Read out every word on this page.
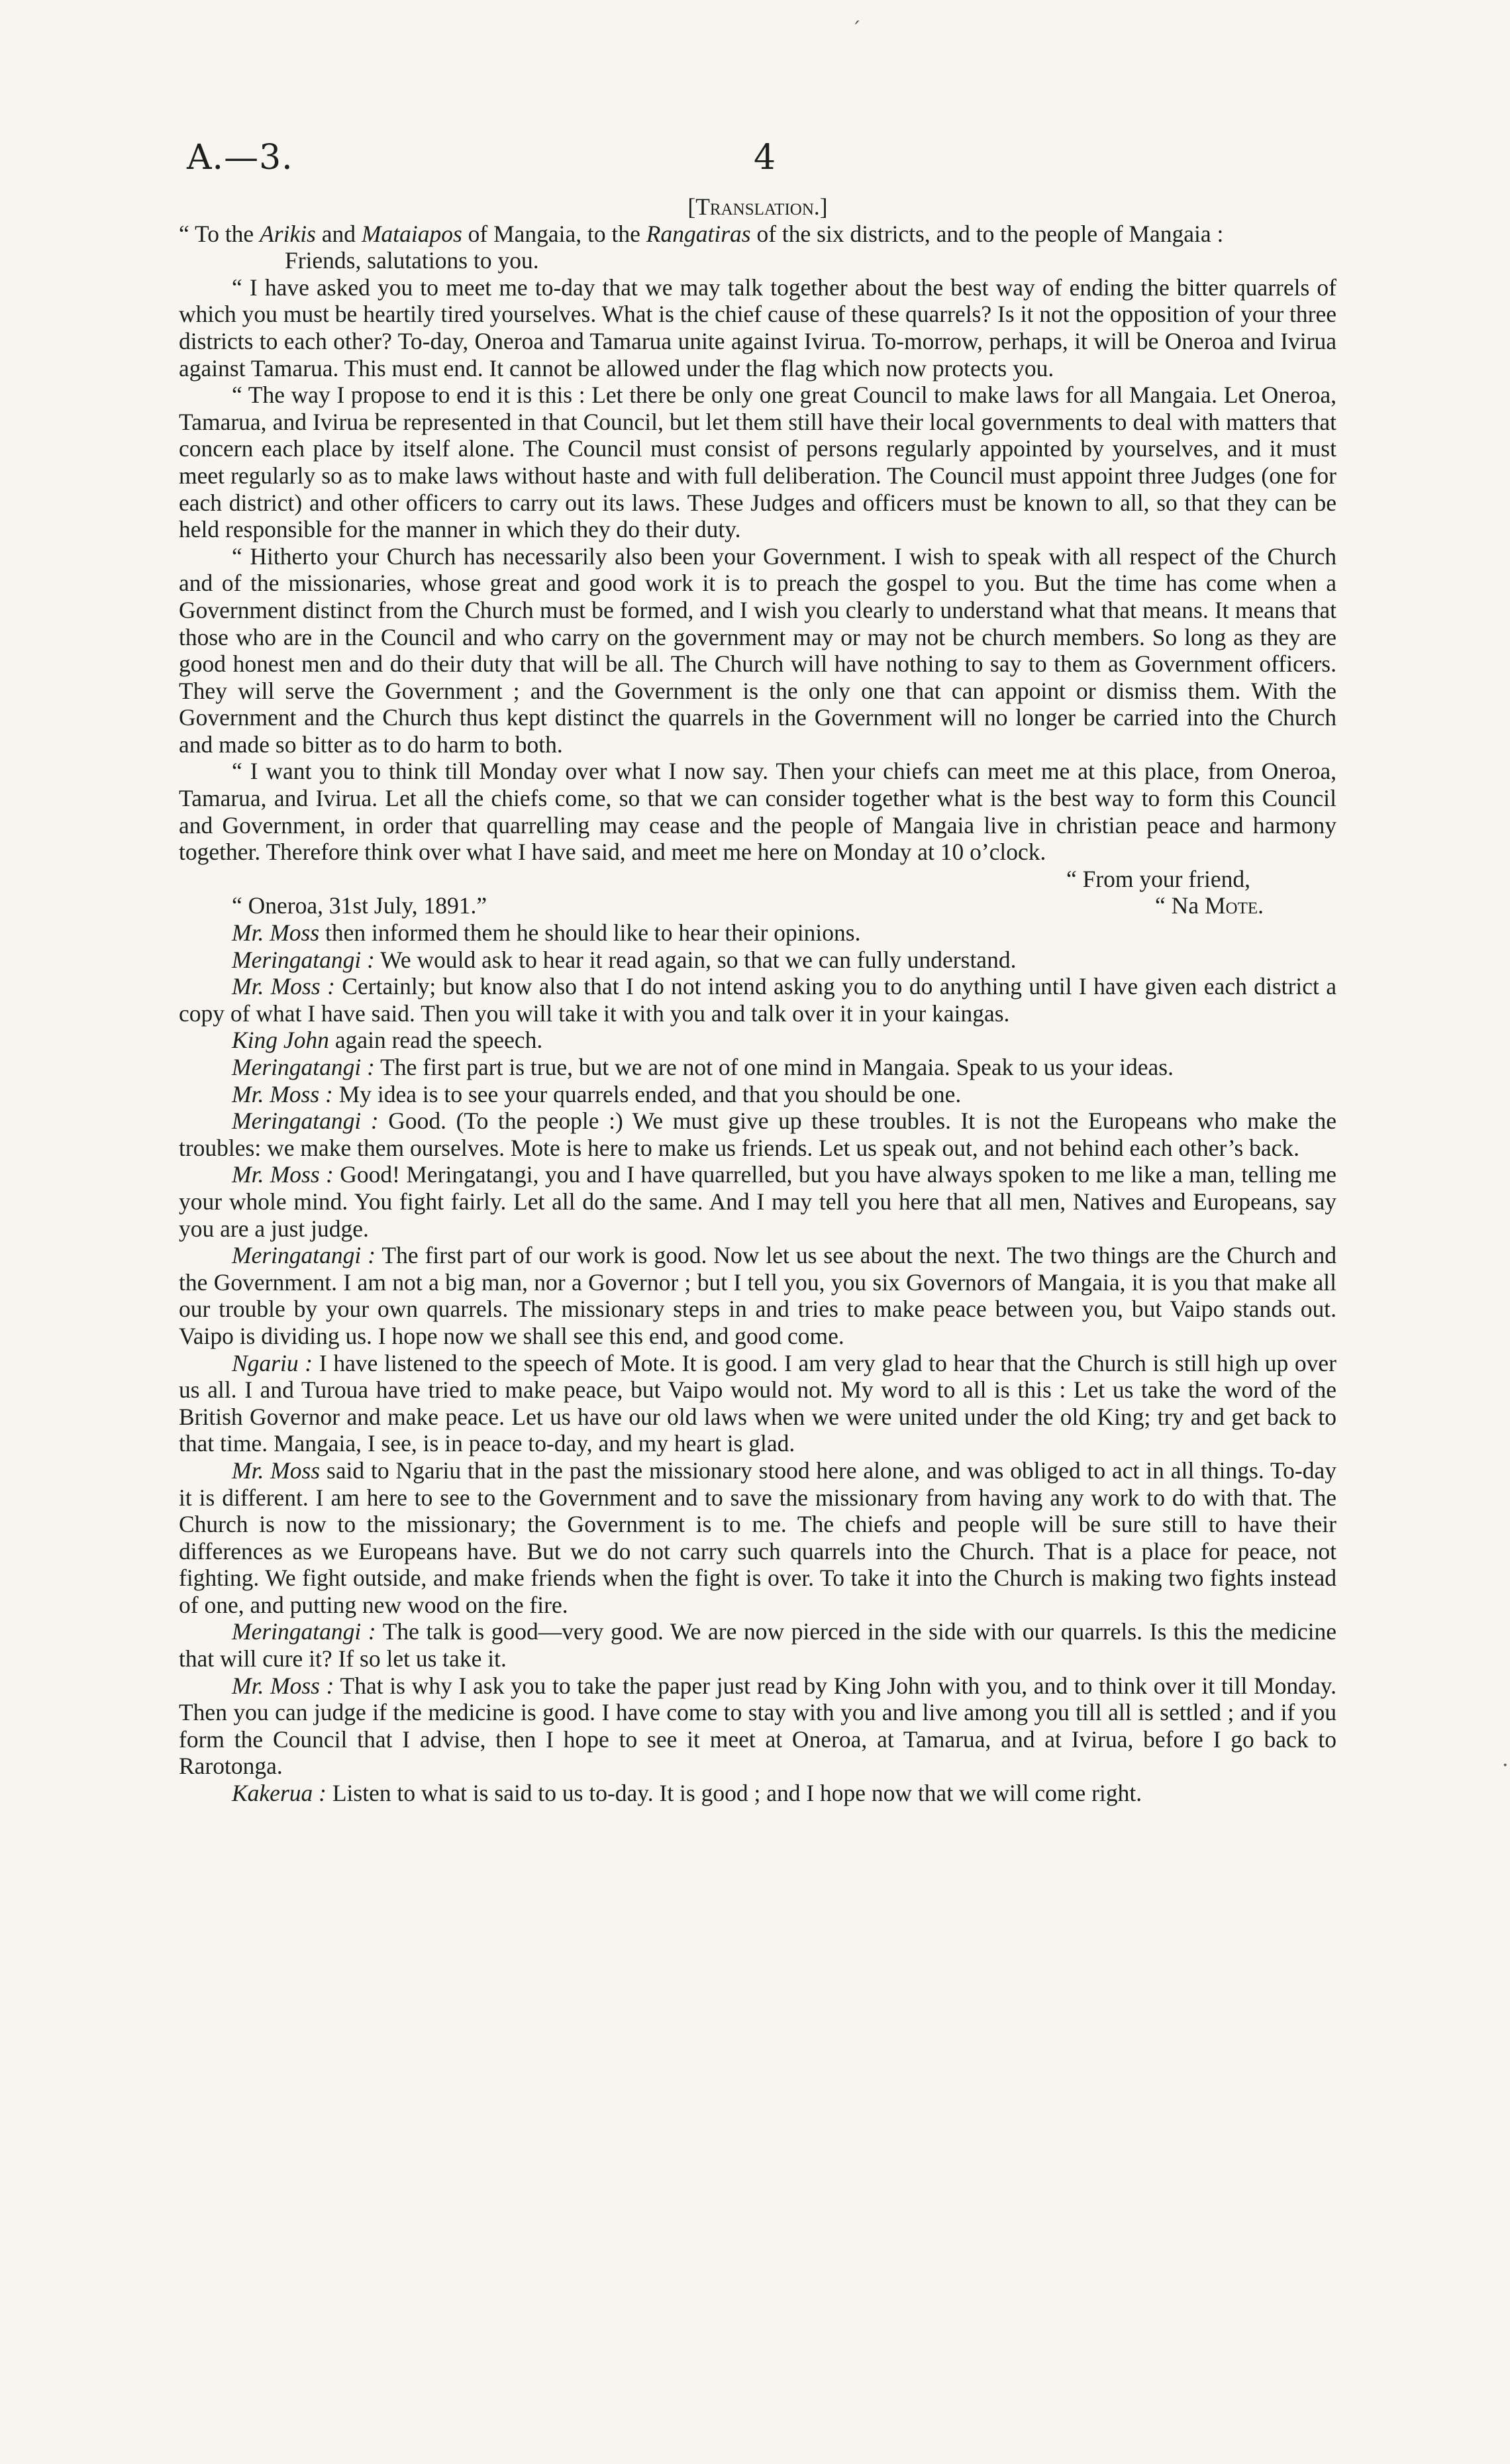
A.—3.	4

[Translation.]

“ To the Arikis and Mataiapos of Mangaia, to the Rangatiras of the six districts, and to the people of Mangaia :

Friends, salutations to you.

“ I have asked you to meet me to-day that we may talk together about the best way of ending the bitter quarrels of which you must be heartily tired yourselves. What is the chief cause of these quarrels? Is it not the opposition of your three districts to each other? To-day, Oneroa and Tamarua unite against Ivirua. To-morrow, perhaps, it will be Oneroa and Ivirua against Tamarua. This must end. It cannot be allowed under the flag which now protects you.

“ The way I propose to end it is this : Let there be only one great Council to make laws for all Mangaia. Let Oneroa, Tamarua, and Ivirua be represented in that Council, but let them still have their local governments to deal with matters that concern each place by itself alone. The Council must consist of persons regularly appointed by yourselves, and it must meet regularly so as to make laws without haste and with full deliberation. The Council must appoint three Judges (one for each district) and other officers to carry out its laws. These Judges and officers must be known to all, so that they can be held responsible for the manner in which they do their duty.

“ Hitherto your Church has necessarily also been your Government. I wish to speak with all respect of the Church and of the missionaries, whose great and good work it is to preach the gospel to you. But the time has come when a Government distinct from the Church must be formed, and I wish you clearly to understand what that means. It means that those who are in the Council and who carry on the government may or may not be church members. So long as they are good honest men and do their duty that will be all. The Church will have nothing to say to them as Government officers. They will serve the Government ; and the Government is the only one that can appoint or dismiss them. With the Government and the Church thus kept distinct the quarrels in the Government will no longer be carried into the Church and made so bitter as to do harm to both.

“ I want you to think till Monday over what I now say. Then your chiefs can meet me at this place, from Oneroa, Tamarua, and Ivirua. Let all the chiefs come, so that we can consider together what is the best way to form this Council and Government, in order that quarrelling may cease and the people of Mangaia live in christian peace and harmony together. Therefore think over what I have said, and meet me here on Monday at 10 o’clock.

“ From your friend,

“ Oneroa, 31st July, 1891.”	“ Na Mote.

Mr. Moss then informed them he should like to hear their opinions.

Meringatangi : We would ask to hear it read again, so that we can fully understand.

Mr. Moss : Certainly; but know also that I do not intend asking you to do anything until I have given each district a copy of what I have said. Then you will take it with you and talk over it in your kaingas.

King John again read the speech.

Meringatangi : The first part is true, but we are not of one mind in Mangaia. Speak to us your ideas.

Mr. Moss : My idea is to see your quarrels ended, and that you should be one.

Meringatangi : Good. (To the people :) We must give up these troubles. It is not the Europeans who make the troubles: we make them ourselves. Mote is here to make us friends. Let us speak out, and not behind each other’s back.

Mr. Moss : Good! Meringatangi, you and I have quarrelled, but you have always spoken to me like a man, telling me your whole mind. You fight fairly. Let all do the same. And I may tell you here that all men, Natives and Europeans, say you are a just judge.

Meringatangi : The first part of our work is good. Now let us see about the next. The two things are the Church and the Government. I am not a big man, nor a Governor ; but I tell you, you six Governors of Mangaia, it is you that make all our trouble by your own quarrels. The missionary steps in and tries to make peace between you, but Vaipo stands out. Vaipo is dividing us. I hope now we shall see this end, and good come.

Ngariu : I have listened to the speech of Mote. It is good. I am very glad to hear that the Church is still high up over us all. I and Turoua have tried to make peace, but Vaipo would not. My word to all is this : Let us take the word of the British Governor and make peace. Let us have our old laws when we were united under the old King; try and get back to that time. Mangaia, I see, is in peace to-day, and my heart is glad.

Mr. Moss said to Ngariu that in the past the missionary stood here alone, and was obliged to act in all things. To-day it is different. I am here to see to the Government and to save the missionary from having any work to do with that. The Church is now to the missionary; the Government is to me. The chiefs and people will be sure still to have their differences as we Europeans have. But we do not carry such quarrels into the Church. That is a place for peace, not fighting. We fight outside, and make friends when the fight is over. To take it into the Church is making two fights instead of one, and putting new wood on the fire.

Meringatangi : The talk is good—very good. We are now pierced in the side with our quarrels. Is this the medicine that will cure it? If so let us take it.

Mr. Moss : That is why I ask you to take the paper just read by King John with you, and to think over it till Monday. Then you can judge if the medicine is good. I have come to stay with you and live among you till all is settled ; and if you form the Council that I advise, then I hope to see it meet at Oneroa, at Tamarua, and at Ivirua, before I go back to Rarotonga.

Kakerua : Listen to what is said to us to-day. It is good ; and I hope now that we will come right.

ˊ
·
